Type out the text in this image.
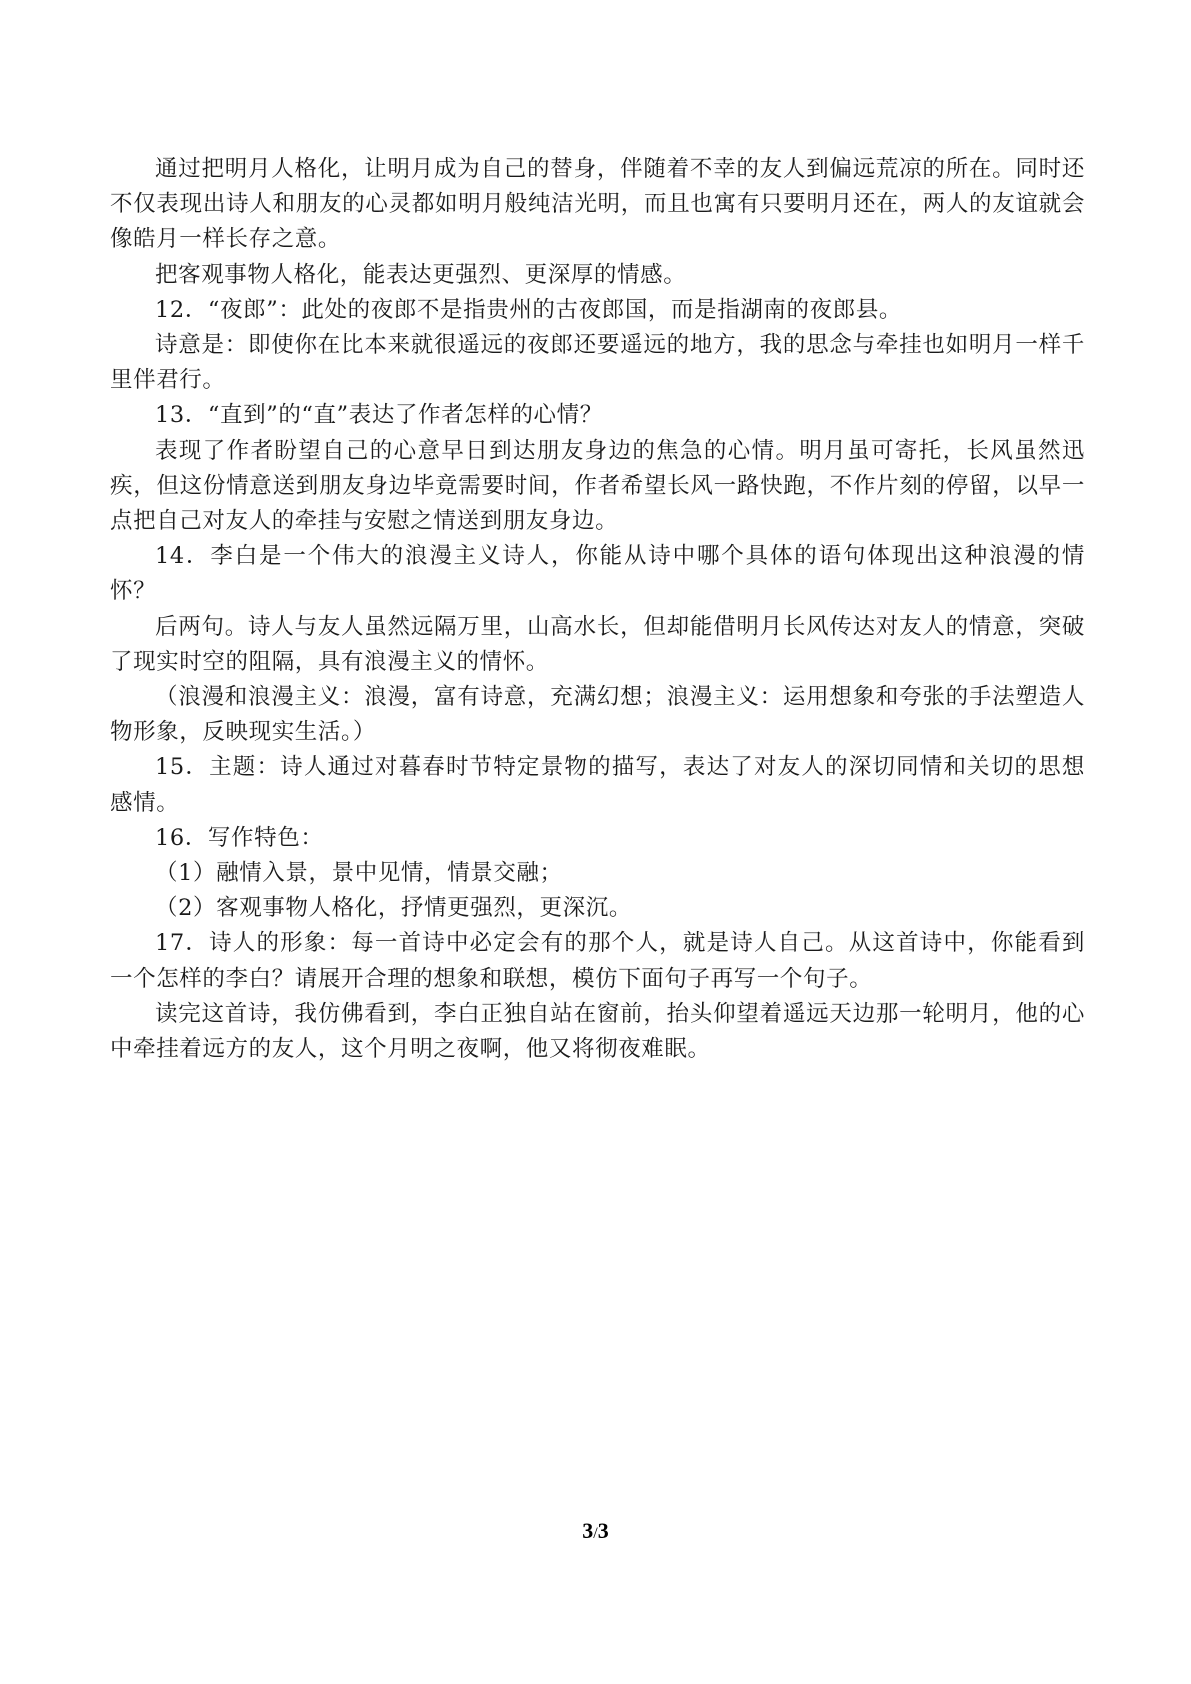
通过把明月人格化，让明月成为自己的替身，伴随着不幸的友人到偏远荒凉的所在。同时还不仅表现出诗人和朋友的心灵都如明月般纯洁光明，而且也寓有只要明月还在，两人的友谊就会像皓月一样长存之意。

把客观事物人格化，能表达更强烈、更深厚的情感。

12．“夜郎”：此处的夜郎不是指贵州的古夜郎国，而是指湖南的夜郎县。

诗意是：即使你在比本来就很遥远的夜郎还要遥远的地方，我的思念与牵挂也如明月一样千里伴君行。

13．“直到”的“直”表达了作者怎样的心情？

表现了作者盼望自己的心意早日到达朋友身边的焦急的心情。明月虽可寄托，长风虽然迅疾，但这份情意送到朋友身边毕竟需要时间，作者希望长风一路快跑，不作片刻的停留，以早一点把自己对友人的牵挂与安慰之情送到朋友身边。

14．李白是一个伟大的浪漫主义诗人，你能从诗中哪个具体的语句体现出这种浪漫的情怀？

后两句。诗人与友人虽然远隔万里，山高水长，但却能借明月长风传达对友人的情意，突破了现实时空的阻隔，具有浪漫主义的情怀。

（浪漫和浪漫主义：浪漫，富有诗意，充满幻想；浪漫主义：运用想象和夸张的手法塑造人物形象，反映现实生活。）

15．主题：诗人通过对暮春时节特定景物的描写，表达了对友人的深切同情和关切的思想感情。

16．写作特色：

（1）融情入景，景中见情，情景交融；

（2）客观事物人格化，抒情更强烈，更深沉。

17．诗人的形象：每一首诗中必定会有的那个人，就是诗人自己。从这首诗中，你能看到一个怎样的李白？请展开合理的想象和联想，模仿下面句子再写一个句子。

读完这首诗，我仿佛看到，李白正独自站在窗前，抬头仰望着遥远天边那一轮明月，他的心中牵挂着远方的友人，这个月明之夜啊，他又将彻夜难眠。

3/3
